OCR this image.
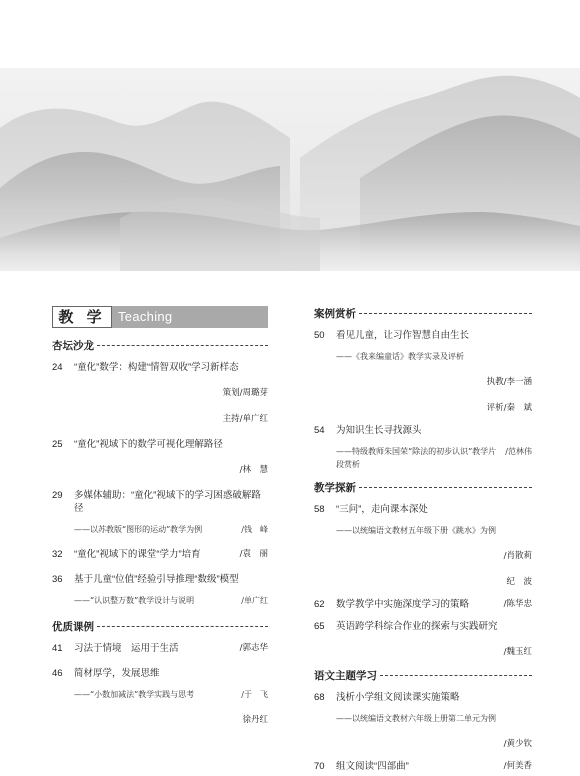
教 学 Teaching
杏坛沙龙
24	“童化”数学：构建“情智双收”学习新样态
策划/周璐芽
主持/单广红
25	“童化”视域下的数学可视化理解路径
/林　慧
29	多媒体辅助：“童化”视域下的学习困惑破解路径
——以苏教版“图形的运动”教学为例	/钱　峰
32	“童化”视域下的课堂“学力”培育	/袁　丽
36	基于儿童“位值”经验引导推理“数级”模型
——“认识整万数”教学设计与说明	/单广红
优质课例
41	习法于情境　运用于生活	/郭志华
46	简材厚学，发展思维
——“小数加减法”教学实践与思考	/于　飞
徐丹红
案例赏析
50	看见儿童，让习作智慧自由生长
——《我来编童话》教学实录及评析
执教/李一涵
评析/秦　斌
54	为知识生长寻找源头
——特级教师朱国荣“除法的初步认识”教学片段赏析
/范林伟
教学探新
58	“三问”，走向课本深处
——以统编语文教材五年级下册《跳水》为例
/肖散莉
纪　波
62	数学教学中实施深度学习的策略	/陈华忠
65	英语跨学科综合作业的探索与实践研究
/魏玉红
语文主题学习
68	浅析小学组文阅读课实施策略
——以统编语文教材六年级上册第二单元为例
/黄少钦
70	组文阅读“四部曲”	/何美香
